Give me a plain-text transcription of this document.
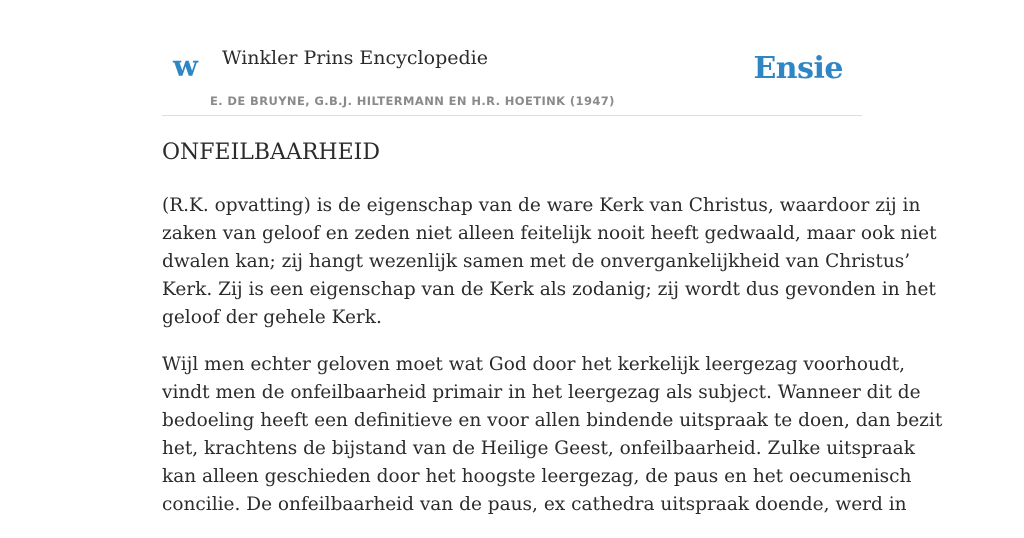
w Winkler Prins Encyclopedie
E. DE BRUYNE, G.B.J. HILTERMANN EN H.R. HOETINK (1947)
Ensie
ONFEILBAARHEID

(R.K. opvatting) is de eigenschap van de ware Kerk van Christus, waardoor zij in
zaken van geloof en zeden niet alleen feitelijk nooit heeft gedwaald, maar ook niet
dwalen kan; zij hangt wezenlijk samen met de onvergankelijkheid van Christus’
Kerk. Zij is een eigenschap van de Kerk als zodanig; zij wordt dus gevonden in het
geloof der gehele Kerk.

Wijl men echter geloven moet wat God door het kerkelijk leergezag voorhoudt,
vindt men de onfeilbaarheid primair in het leergezag als subject. Wanneer dit de
bedoeling heeft een definitieve en voor allen bindende uitspraak te doen, dan bezit
het, krachtens de bijstand van de Heilige Geest, onfeilbaarheid. Zulke uitspraak
kan alleen geschieden door het hoogste leergezag, de paus en het oecumenisch
concilie. De onfeilbaarheid van de paus, ex cathedra uitspraak doende, werd in
